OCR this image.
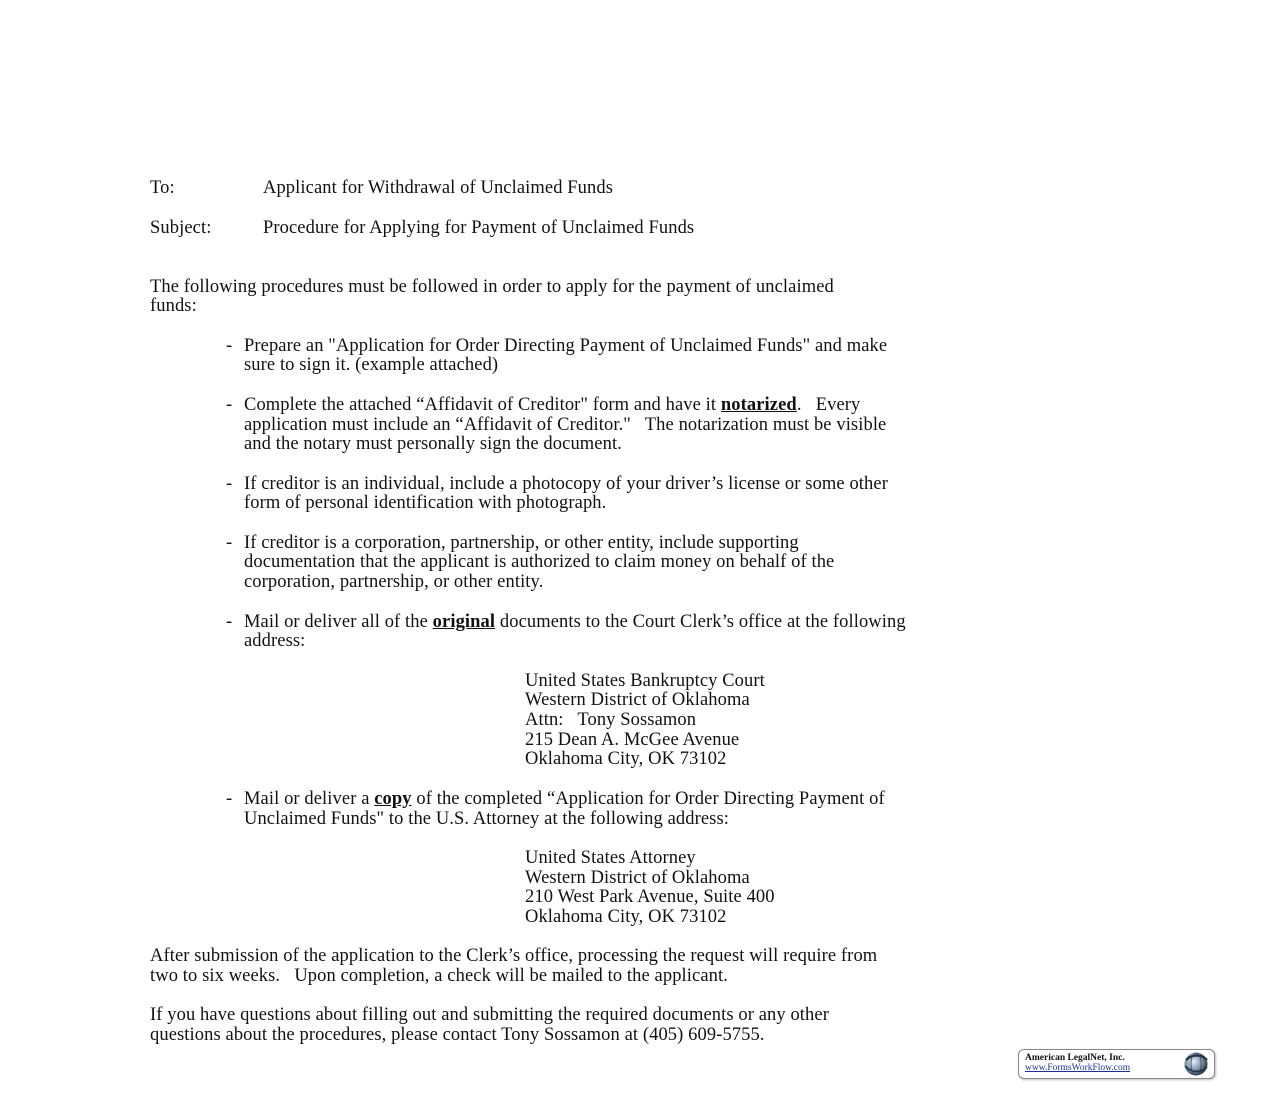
To:	Applicant for Withdrawal of Unclaimed Funds
Subject:	Procedure for Applying for Payment of Unclaimed Funds
The following procedures must be followed in order to apply for the payment of unclaimed
funds:
- Prepare an "Application for Order Directing Payment of Unclaimed Funds" and make
sure to sign it. (example attached)
- Complete the attached “Affidavit of Creditor" form and have it notarized.   Every
application must include an “Affidavit of Creditor."   The notarization must be visible
and the notary must personally sign the document.
- If creditor is an individual, include a photocopy of your driver’s license or some other
form of personal identification with photograph.
- If creditor is a corporation, partnership, or other entity, include supporting
documentation that the applicant is authorized to claim money on behalf of the
corporation, partnership, or other entity.
- Mail or deliver all of the original documents to the Court Clerk’s office at the following
address:
United States Bankruptcy Court
Western District of Oklahoma
Attn:   Tony Sossamon
215 Dean A. McGee Avenue
Oklahoma City, OK 73102
- Mail or deliver a copy of the completed “Application for Order Directing Payment of
Unclaimed Funds" to the U.S. Attorney at the following address:
United States Attorney
Western District of Oklahoma
210 West Park Avenue, Suite 400
Oklahoma City, OK 73102
After submission of the application to the Clerk’s office, processing the request will require from
two to six weeks.   Upon completion, a check will be mailed to the applicant.
If you have questions about filling out and submitting the required documents or any other
questions about the procedures, please contact Tony Sossamon at (405) 609-5755.
American LegalNet, Inc.
www.FormsWorkFlow.com
